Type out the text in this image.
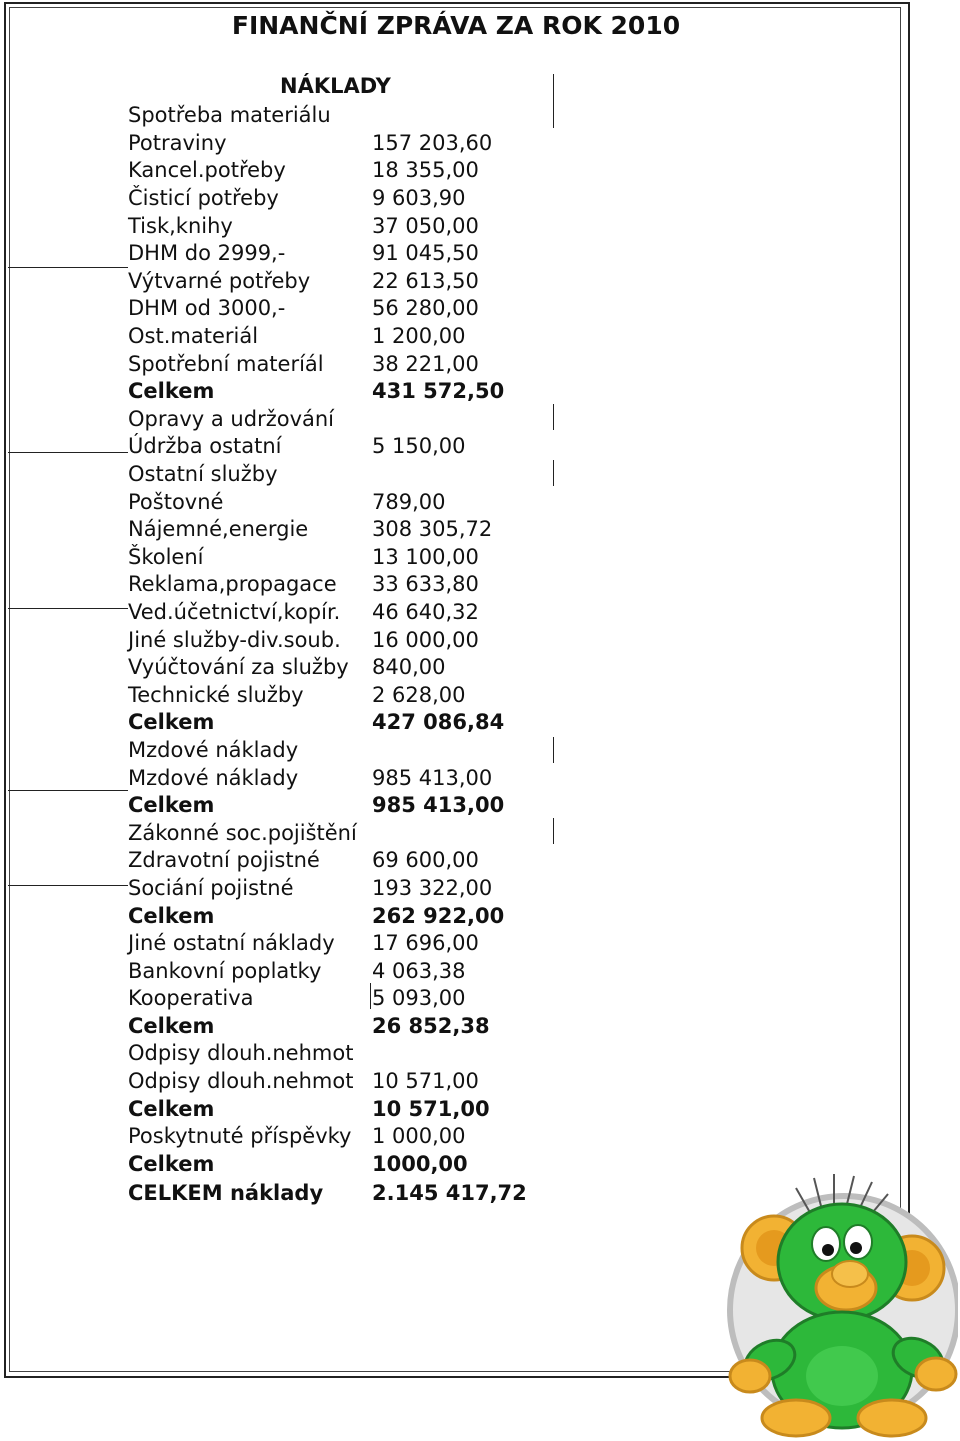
FINANČNÍ ZPRÁVA ZA ROK 2010
NÁKLADY
Spotřeba materiálu
Potraviny	157 203,60
Kancel.potřeby	18 355,00
Čisticí potřeby	9 603,90
Tisk,knihy	37 050,00
DHM do 2999,-	91 045,50
Výtvarné potřeby	22 613,50
DHM od 3000,-	56 280,00
Ost.materiál	1 200,00
Spotřební materíál	38 221,00
Celkem	431 572,50
Opravy a udržování
Údržba ostatní	5 150,00
Ostatní služby
Poštovné	789,00
Nájemné,energie	308 305,72
Školení	13 100,00
Reklama,propagace	33 633,80
Ved.účetnictví,kopír.	46 640,32
Jiné služby-div.soub.	16 000,00
Vyúčtování za služby	840,00
Technické služby	2 628,00
Celkem	427 086,84
Mzdové náklady
Mzdové náklady	985 413,00
Celkem	985 413,00
Zákonné soc.pojištění
Zdravotní pojistné	69 600,00
Sociání pojistné	193 322,00
Celkem	262 922,00
Jiné ostatní náklady	17 696,00
Bankovní poplatky	4 063,38
Kooperativa	5 093,00
Celkem	26 852,38
Odpisy dlouh.nehmot
Odpisy dlouh.nehmot 10 571,00
Celkem	10 571,00
Poskytnuté příspěvky 1 000,00
Celkem	1000,00
CELKEM náklady	2.145 417,72
